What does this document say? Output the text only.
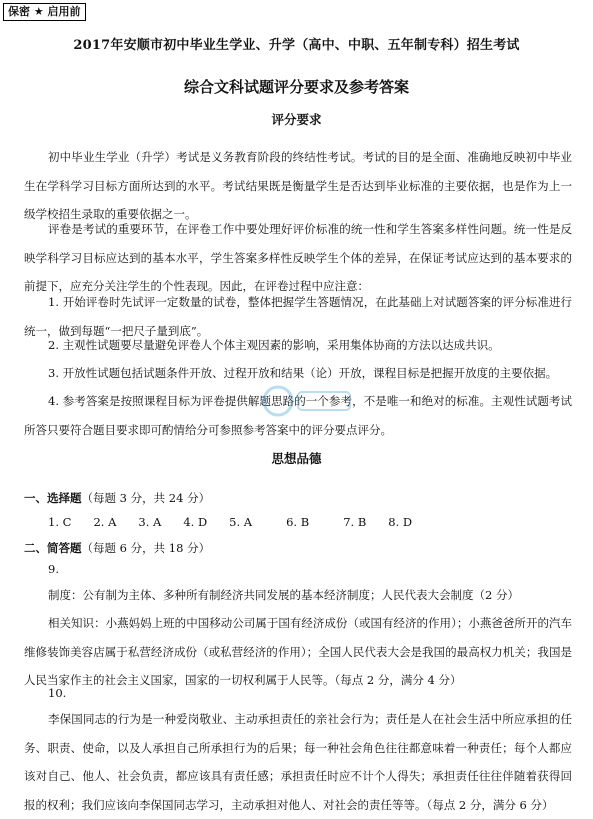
保密 ★ 启用前
2017年安顺市初中毕业生学业、升学（高中、中职、五年制专科）招生考试
综合文科试题评分要求及参考答案
评分要求

初中毕业生学业（升学）考试是义务教育阶段的终结性考试。考试的目的是全面、准确地反映初中毕业生在学科学习目标方面所达到的水平。考试结果既是衡量学生是否达到毕业标准的主要依据，也是作为上一级学校招生录取的重要依据之一。

评卷是考试的重要环节，在评卷工作中要处理好评价标准的统一性和学生答案多样性问题。统一性是反映学科学习目标应达到的基本水平，学生答案多样性反映学生个体的差异，在保证考试应达到的基本要求的前提下，应充分关注学生的个性表现。因此，在评卷过程中应注意：

1. 开始评卷时先试评一定数量的试卷，整体把握学生答题情况，在此基础上对试题答案的评分标准进行统一，做到每题“一把尺子量到底”。

2. 主观性试题要尽量避免评卷人个体主观因素的影响，采用集体协商的方法以达成共识。

3. 开放性试题包括试题条件开放、过程开放和结果（论）开放，课程目标是把握开放度的主要依据。

4. 参考答案是按照课程目标为评卷提供解题思路的一个参考，不是唯一和绝对的标准。主观性试题考试所答只要符合题目要求即可酌情给分可参照参考答案中的评分要点评分。

思想品德
一、选择题（每题 3 分，共 24 分）
1. C 2. A 3. A 4. D 5. A	6. B	7. B 8. D
二、简答题（每题 6 分，共 18 分）
9.

制度：公有制为主体、多种所有制经济共同发展的基本经济制度；人民代表大会制度（2 分）

相关知识：小燕妈妈上班的中国移动公司属于国有经济成份（或国有经济的作用）；小燕爸爸所开的汽车维修装饰美容店属于私营经济成份（或私营经济的作用）；全国人民代表大会是我国的最高权力机关；我国是人民当家作主的社会主义国家，国家的一切权利属于人民等。（每点 2 分，满分 4 分）

10.

李保国同志的行为是一种爱岗敬业、主动承担责任的亲社会行为；责任是人在社会生活中所应承担的任务、职责、使命，以及人承担自己所承担行为的后果；每一种社会角色往往都意味着一种责任；每个人都应该对自己、他人、社会负责，都应该具有责任感；承担责任时应不计个人得失；承担责任往往伴随着获得回报的权利；我们应该向李保国同志学习，主动承担对他人、对社会的责任等等。（每点 2 分，满分 6 分）
